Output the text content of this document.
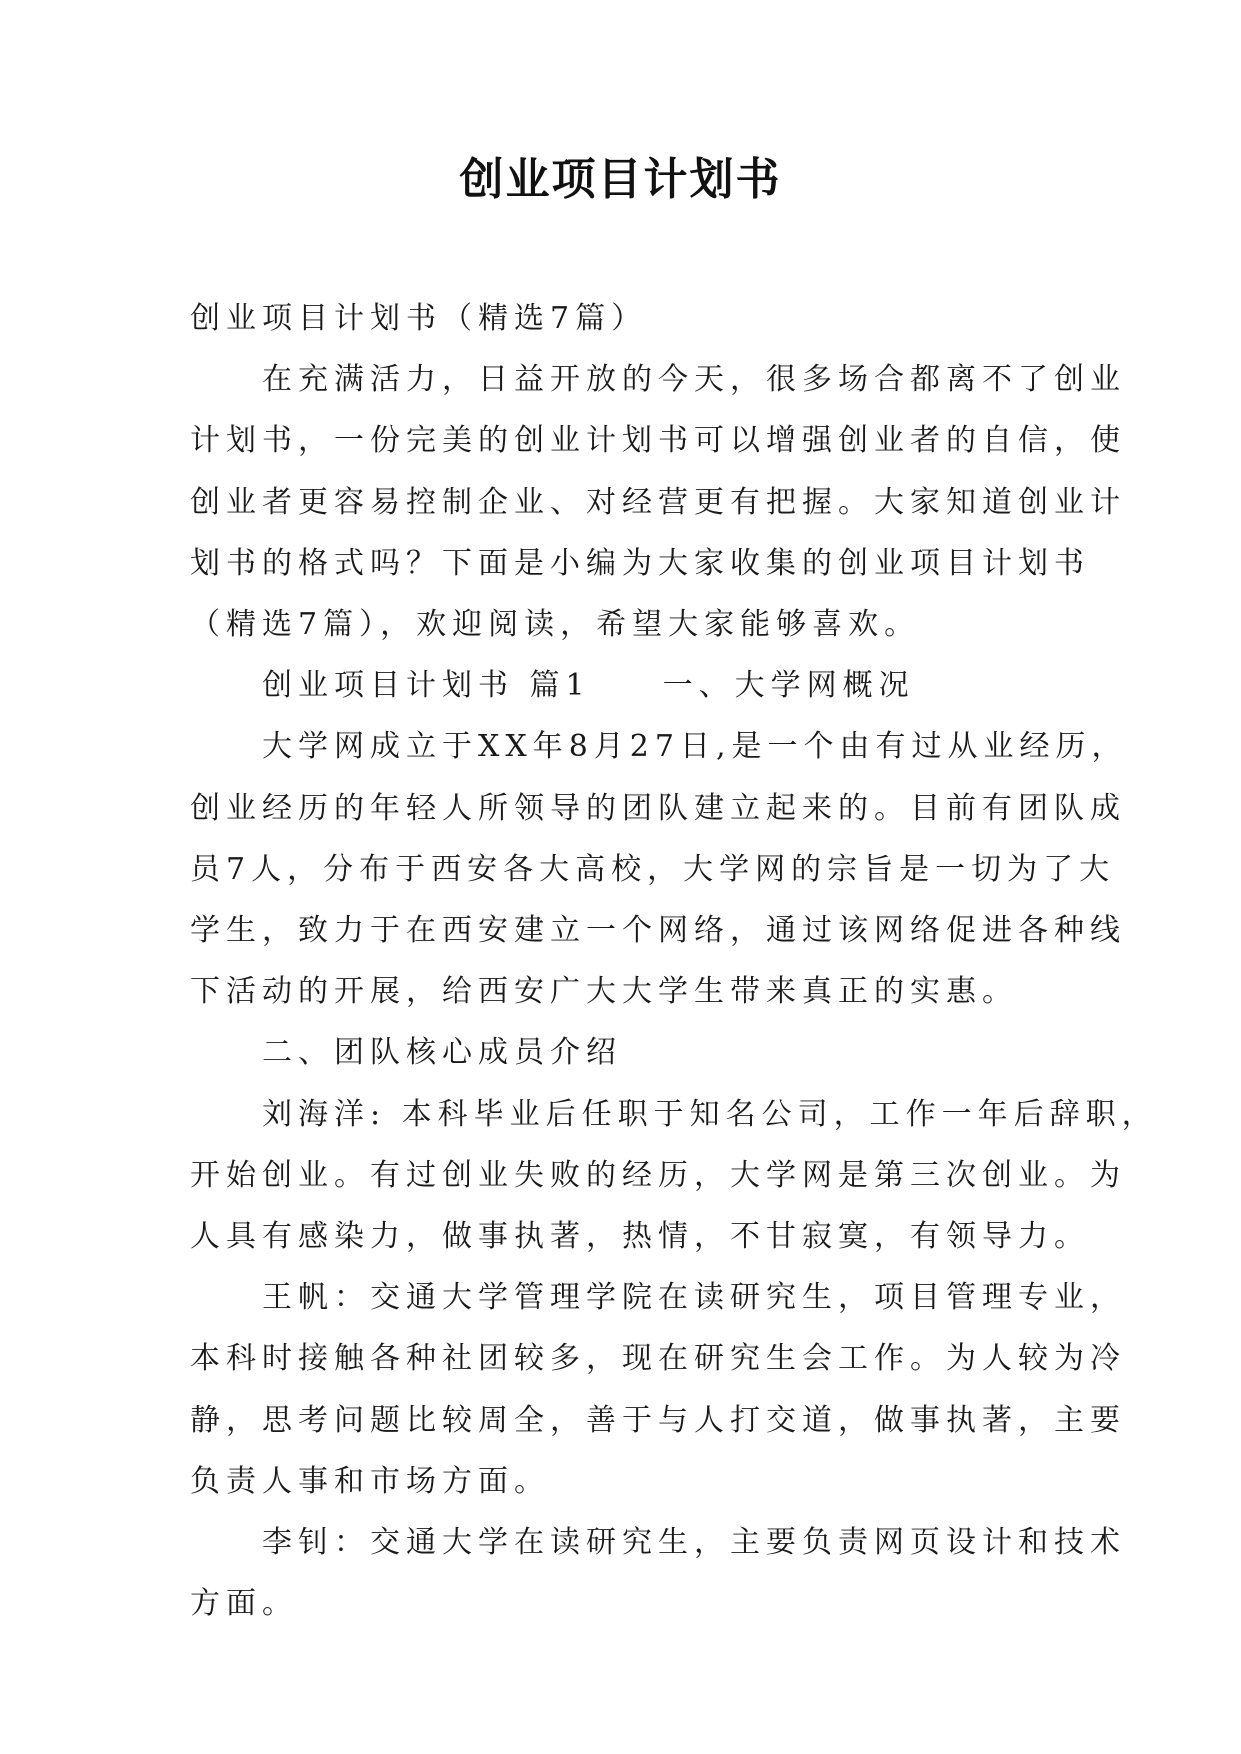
创业项目计划书

创业项目计划书（精选7篇）

　　在充满活力，日益开放的今天，很多场合都离不了创业

计划书，一份完美的创业计划书可以增强创业者的自信，使

创业者更容易控制企业、对经营更有把握。大家知道创业计

划书的格式吗？下面是小编为大家收集的创业项目计划书

（精选7篇），欢迎阅读，希望大家能够喜欢。

　　创业项目计划书 篇1　　一、大学网概况

　　大学网成立于XX年8月27日,是一个由有过从业经历，

创业经历的年轻人所领导的团队建立起来的。目前有团队成

员7人，分布于西安各大高校，大学网的宗旨是一切为了大

学生，致力于在西安建立一个网络，通过该网络促进各种线

下活动的开展，给西安广大大学生带来真正的实惠。

　　二、团队核心成员介绍

　　刘海洋: 本科毕业后任职于知名公司，工作一年后辞职，

开始创业。有过创业失败的经历，大学网是第三次创业。为

人具有感染力，做事执著，热情，不甘寂寞，有领导力。

　　王帆：交通大学管理学院在读研究生，项目管理专业，

本科时接触各种社团较多，现在研究生会工作。为人较为冷

静，思考问题比较周全，善于与人打交道，做事执著，主要

负责人事和市场方面。

　　李钊：交通大学在读研究生，主要负责网页设计和技术

方面。
